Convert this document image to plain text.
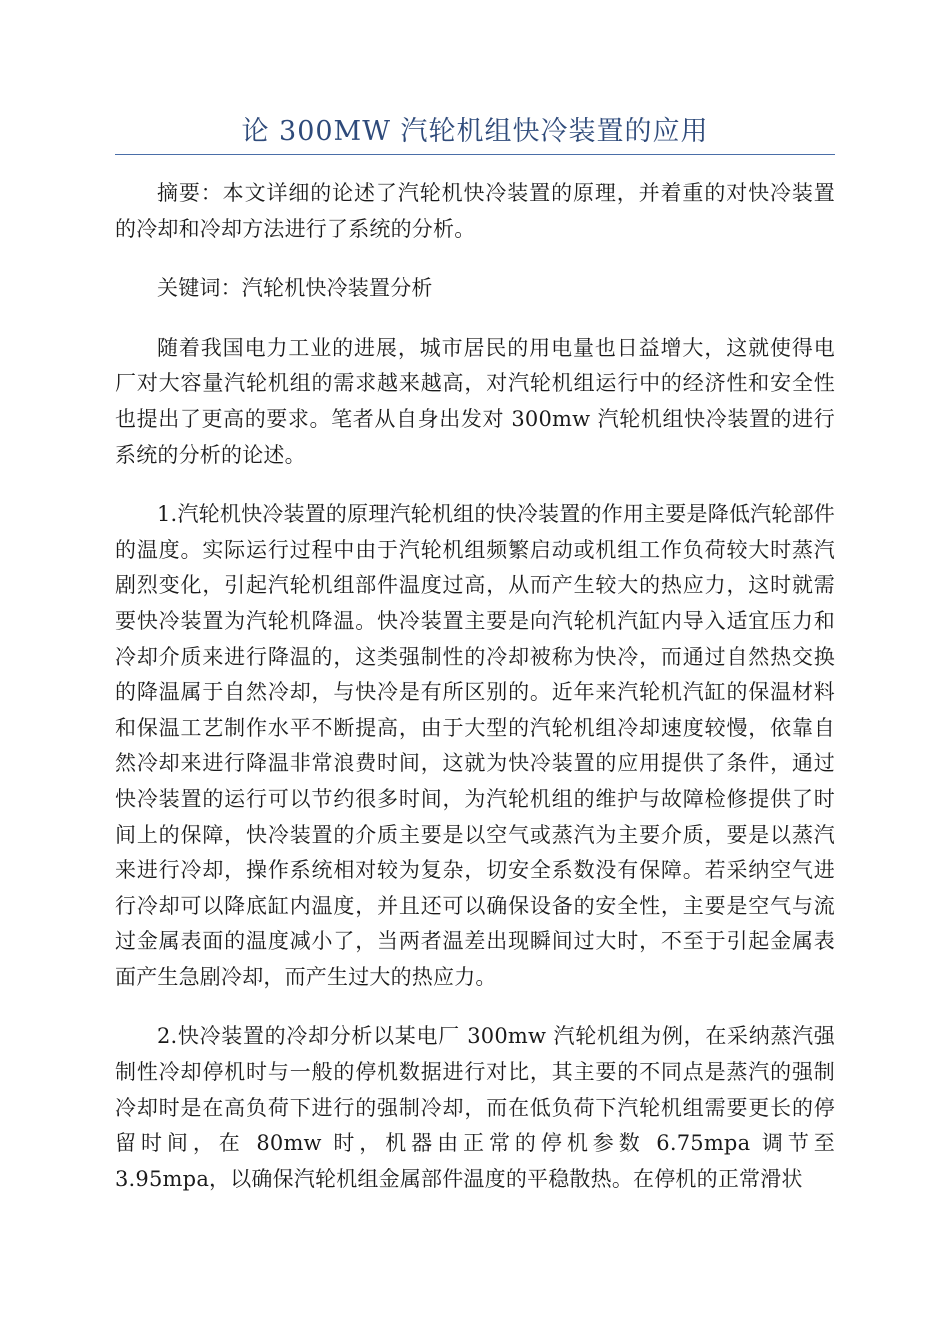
论 300MW 汽轮机组快冷装置的应用

摘要：本文详细的论述了汽轮机快冷装置的原理，并着重的对快冷装置的冷却和冷却方法进行了系统的分析。

关键词：汽轮机快冷装置分析

随着我国电力工业的进展，城市居民的用电量也日益增大，这就使得电厂对大容量汽轮机组的需求越来越高，对汽轮机组运行中的经济性和安全性也提出了更高的要求。笔者从自身出发对 300mw 汽轮机组快冷装置的进行系统的分析的论述。

1.汽轮机快冷装置的原理汽轮机组的快冷装置的作用主要是降低汽轮部件的温度。实际运行过程中由于汽轮机组频繁启动或机组工作负荷较大时蒸汽剧烈变化，引起汽轮机组部件温度过高，从而产生较大的热应力，这时就需要快冷装置为汽轮机降温。快冷装置主要是向汽轮机汽缸内导入适宜压力和冷却介质来进行降温的，这类强制性的冷却被称为快冷，而通过自然热交换的降温属于自然冷却，与快冷是有所区别的。近年来汽轮机汽缸的保温材料和保温工艺制作水平不断提高，由于大型的汽轮机组冷却速度较慢，依靠自然冷却来进行降温非常浪费时间，这就为快冷装置的应用提供了条件，通过快冷装置的运行可以节约很多时间，为汽轮机组的维护与故障检修提供了时间上的保障，快冷装置的介质主要是以空气或蒸汽为主要介质，要是以蒸汽来进行冷却，操作系统相对较为复杂，切安全系数没有保障。若采纳空气进行冷却可以降底缸内温度，并且还可以确保设备的安全性，主要是空气与流过金属表面的温度减小了，当两者温差出现瞬间过大时，不至于引起金属表面产生急剧冷却，而产生过大的热应力。

2.快冷装置的冷却分析以某电厂 300mw 汽轮机组为例，在采纳蒸汽强制性冷却停机时与一般的停机数据进行对比，其主要的不同点是蒸汽的强制冷却时是在高负荷下进行的强制冷却，而在低负荷下汽轮机组需要更长的停留时间，在 80mw 时，机器由正常的停机参数 6.75mpa 调节至 3.95mpa，以确保汽轮机组金属部件温度的平稳散热。在停机的正常滑状
